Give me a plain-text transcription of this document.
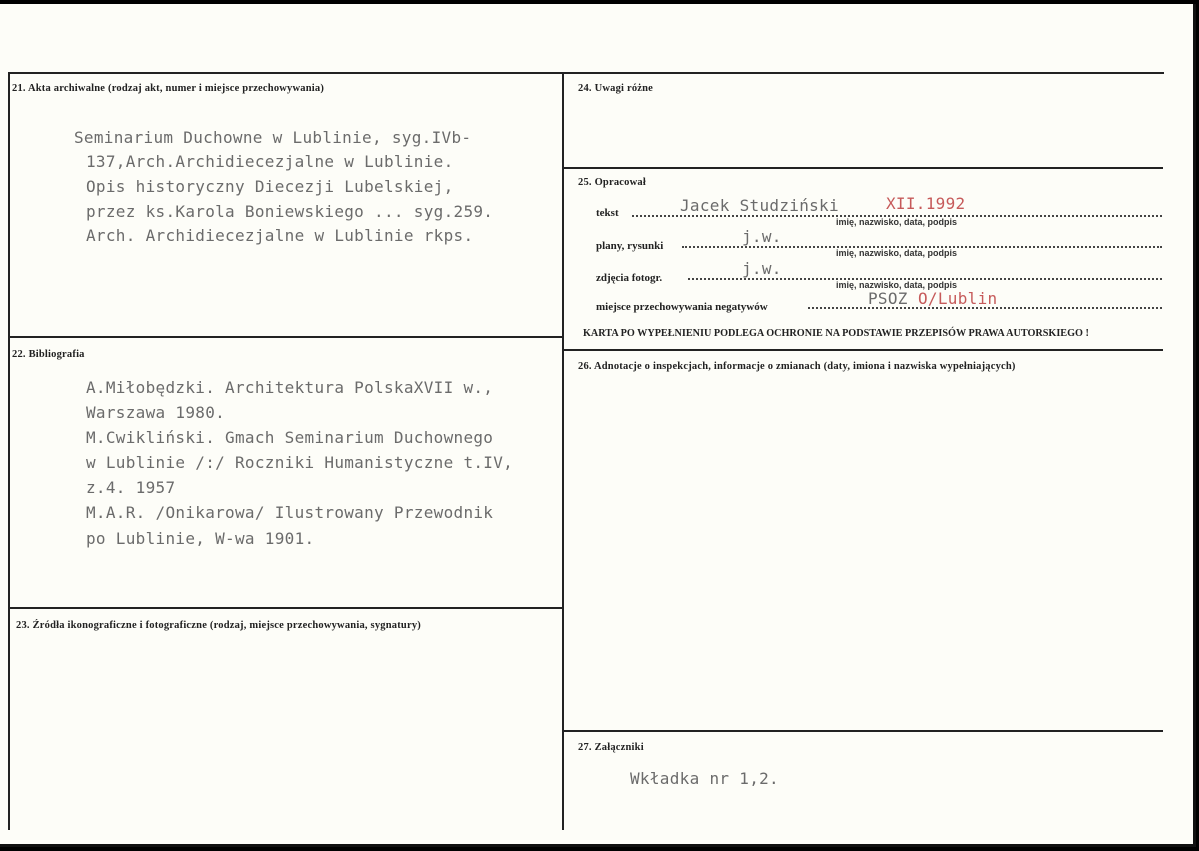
21. Akta archiwalne (rodzaj akt, numer i miejsce przechowywania)
Seminarium Duchowne w Lublinie, syg.IVb-
137,Arch.Archidiecezjalne w Lublinie.
Opis historyczny Diecezji Lubelskiej,
przez ks.Karola Boniewskiego ... syg.259.
Arch. Archidiecezjalne w Lublinie rkps.
22. Bibliografia
A.Miłobędzki. Architektura PolskaXVII w.,
Warszawa 1980.
M.Cwikliński. Gmach Seminarium Duchownego
w Lublinie /:/ Roczniki Humanistyczne t.IV,
z.4. 1957
M.A.R. /Onikarowa/ Ilustrowany Przewodnik
po Lublinie, W-wa 1901.
23. Źródła ikonograficzne i fotograficzne (rodzaj, miejsce przechowywania, sygnatury)
24. Uwagi różne
25. Opracował
tekst	Jacek Studziński	XII.1992
imię, nazwisko, data, podpis
plany, rysunki	j.w.
imię, nazwisko, data, podpis
zdjęcia fotogr.	j.w.
imię, nazwisko, data, podpis
miejsce przechowywania negatywów	PSOZ O/Lublin
KARTA PO WYPEŁNIENIU PODLEGA OCHRONIE NA PODSTAWIE PRZEPISÓW PRAWA AUTORSKIEGO !
26. Adnotacje o inspekcjach, informacje o zmianach (daty, imiona i nazwiska wypełniających)
27. Załączniki
Wkładka nr 1,2.
